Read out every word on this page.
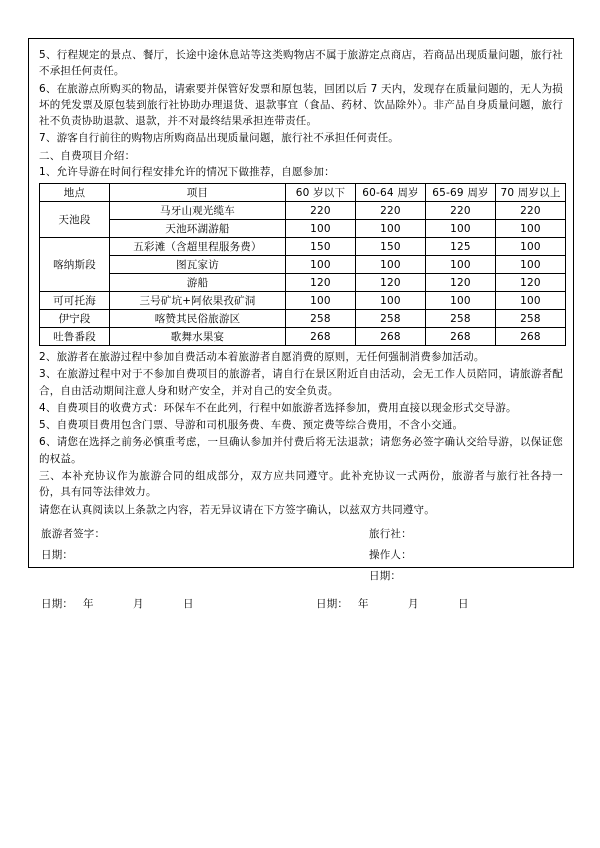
5、行程规定的景点、餐厅，长途中途休息站等这类购物店不属于旅游定点商店，若商品出现质量问题，旅行社不承担任何责任。

6、在旅游点所购买的物品，请索要并保管好发票和原包装，回团以后 7 天内，发现存在质量问题的，无人为损坏的凭发票及原包装到旅行社协助办理退货、退款事宜（食品、药材、饮品除外）。非产品自身质量问题，旅行社不负责协助退款、退款，并不对最终结果承担连带责任。

7、游客自行前往的购物店所购商品出现质量问题，旅行社不承担任何责任。

二、自费项目介绍：

1、允许导游在时间行程安排允许的情况下做推荐，自愿参加：

地点	项目	60 岁以下	60-64 周岁	65-69 周岁	70 周岁以上
天池段	马牙山观光缆车	220	220	220	220
	天池环湖游船	100	100	100	100
喀纳斯段	五彩滩（含超里程服务费）	150	150	125	100
	图瓦家访	100	100	100	100
	游船	120	120	120	120
可可托海	三号矿坑+阿依果孜矿洞	100	100	100	100
伊宁段	喀赞其民俗旅游区	258	258	258	258
吐鲁番段	歌舞水果宴	268	268	268	268

2、旅游者在旅游过程中参加自费活动本着旅游者自愿消费的原则，无任何强制消费参加活动。

3、在旅游过程中对于不参加自费项目的旅游者，请自行在景区附近自由活动，会无工作人员陪同，请旅游者配合，自由活动期间注意人身和财产安全，并对自己的安全负责。

4、自费项目的收费方式：环保车不在此列，行程中如旅游者选择参加，费用直接以现金形式交导游。

5、自费项目费用包含门票、导游和司机服务费、车费、预定费等综合费用，不含小交通。

6、请您在选择之前务必慎重考虑，一旦确认参加并付费后将无法退款；请您务必签字确认交给导游，以保证您的权益。

三、本补充协议作为旅游合同的组成部分，双方应共同遵守。此补充协议一式两份，旅游者与旅行社各持一份，具有同等法律效力。

请您在认真阅读以上条款之内容，若无异议请在下方签字确认，以兹双方共同遵守。

旅游者签字：
日期：
旅行社：
操作人：
日期：
日期： 年	月	日	日期： 年	月	日
